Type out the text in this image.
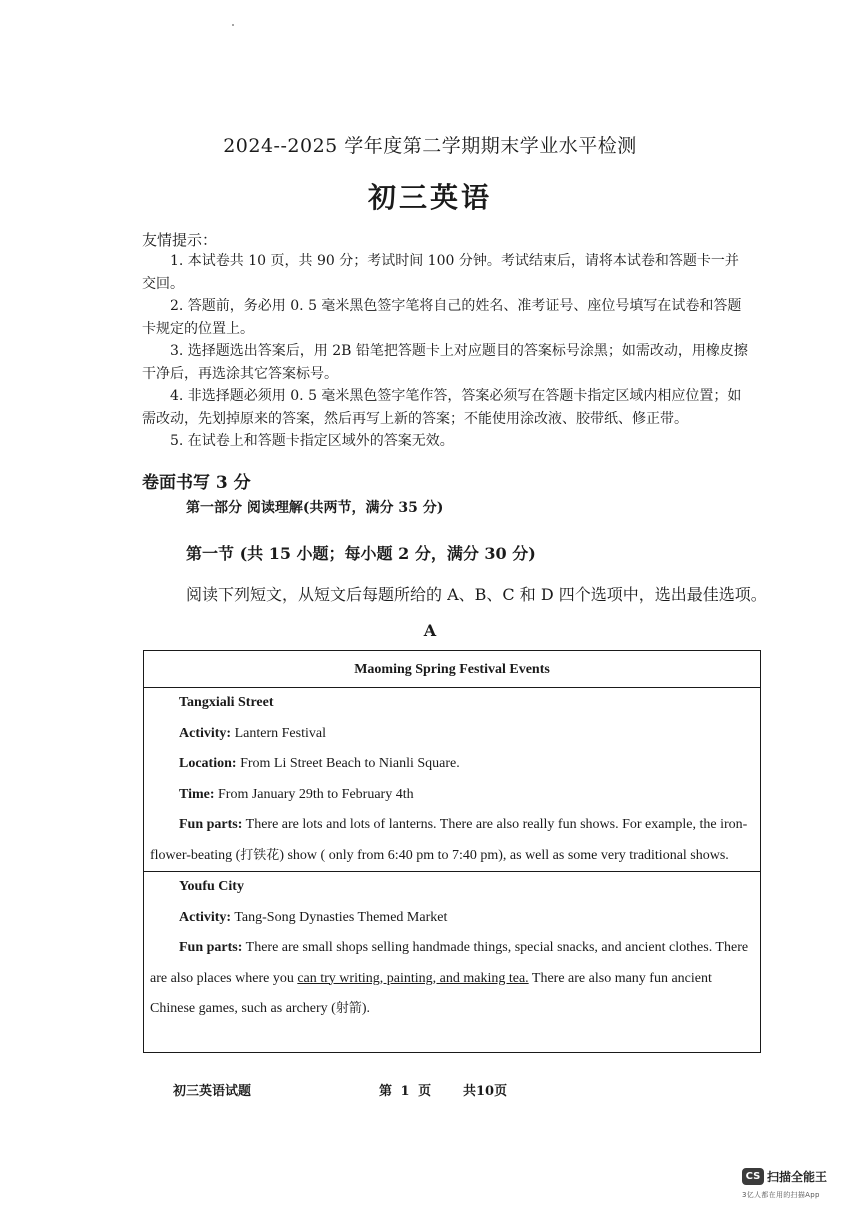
2024--2025 学年度第二学期期末学业水平检测
初三英语
友情提示：

1. 本试卷共 10 页，共 90 分；考试时间 100 分钟。考试结束后，请将本试卷和答题卡一并交回。

2. 答题前，务必用 0. 5 毫米黑色签字笔将自己的姓名、准考证号、座位号填写在试卷和答题卡规定的位置上。

3. 选择题选出答案后，用 2B 铅笔把答题卡上对应题目的答案标号涂黑；如需改动，用橡皮擦干净后，再选涂其它答案标号。

4. 非选择题必须用 0. 5 毫米黑色签字笔作答，答案必须写在答题卡指定区域内相应位置；如需改动，先划掉原来的答案，然后再写上新的答案；不能使用涂改液、胶带纸、修正带。

5. 在试卷上和答题卡指定区域外的答案无效。

卷面书写 3 分
第一部分 阅读理解(共两节，满分 35 分)
第一节 (共 15 小题；每小题 2 分，满分 30 分)
阅读下列短文，从短文后每题所给的 A、B、C 和 D 四个选项中，选出最佳选项。
A
Maoming Spring Festival Events

Tangxiali Street

Activity: Lantern Festival

Location: From Li Street Beach to Nianli Square.

Time: From January 29th to February 4th

Fun parts: There are lots and lots of lanterns. There are also really fun shows. For example, the iron-flower-beating (打铁花) show ( only from 6:40 pm to 7:40 pm), as well as some very traditional shows.

Youfu City

Activity: Tang-Song Dynasties Themed Market

Fun parts: There are small shops selling handmade things, special snacks, and ancient clothes. There are also places where you can try writing, painting, and making tea. There are also many fun ancient Chinese games, such as archery (射箭).

初三英语试题	第 1 页 共10页
CS 扫描全能王
3亿人都在用的扫描App
